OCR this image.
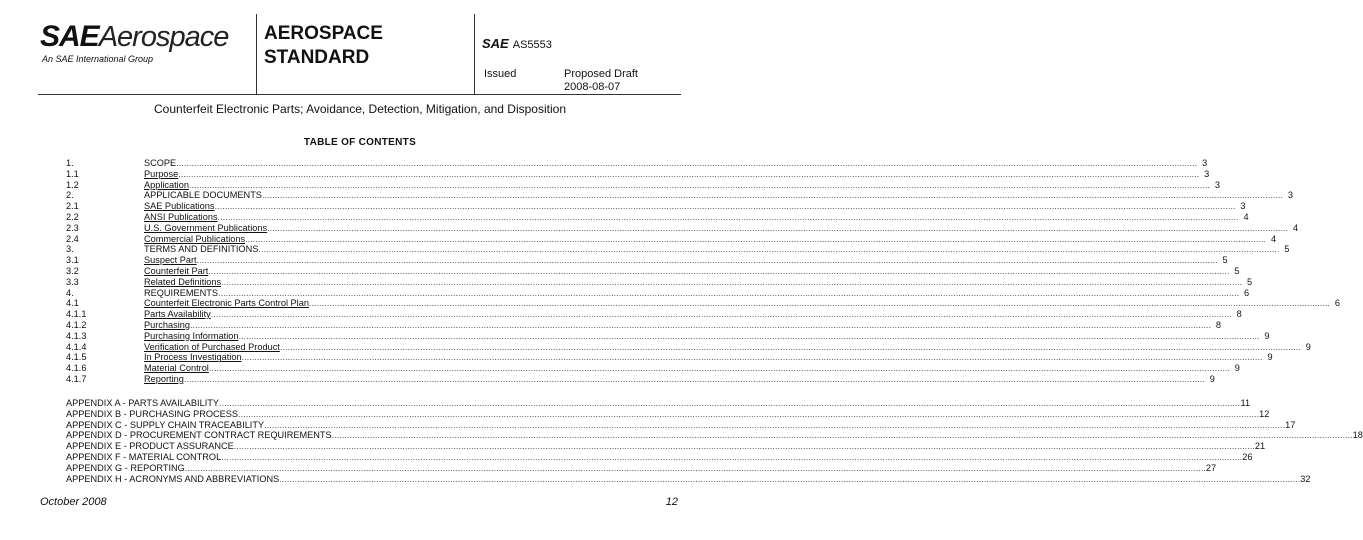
SAEAerospace
An SAE International Group
AEROSPACE
STANDARD
SAE AS5553
Issued	Proposed Draft
2008-08-07
Counterfeit Electronic Parts; Avoidance, Detection, Mitigation, and Disposition
TABLE OF CONTENTS
1.	SCOPE ................................................................................................................................................................................................................................................................................................................................................................................................................ 3
1.1	Purpose ................................................................................................................................................................................................................................................................................................................................................................................................................ 3
1.2	Application ................................................................................................................................................................................................................................................................................................................................................................................................................ 3
2.	APPLICABLE DOCUMENTS ................................................................................................................................................................................................................................................................................................................................................................................................................ 3
2.1	SAE Publications ................................................................................................................................................................................................................................................................................................................................................................................................................ 3
2.2	ANSI Publications ................................................................................................................................................................................................................................................................................................................................................................................................................ 4
2.3	U.S. Government Publications ................................................................................................................................................................................................................................................................................................................................................................................................................ 4
2.4	Commercial Publications ................................................................................................................................................................................................................................................................................................................................................................................................................ 4
3.	TERMS AND DEFINITIONS ................................................................................................................................................................................................................................................................................................................................................................................................................ 5
3.1	Suspect Part ................................................................................................................................................................................................................................................................................................................................................................................................................ 5
3.2	Counterfeit Part ................................................................................................................................................................................................................................................................................................................................................................................................................ 5
3.3	Related Definitions ................................................................................................................................................................................................................................................................................................................................................................................................................ 5
4.	REQUIREMENTS ................................................................................................................................................................................................................................................................................................................................................................................................................ 6
4.1	Counterfeit Electronic Parts Control Plan ................................................................................................................................................................................................................................................................................................................................................................................................................ 6
4.1.1	Parts Availability ................................................................................................................................................................................................................................................................................................................................................................................................................ 8
4.1.2	Purchasing ................................................................................................................................................................................................................................................................................................................................................................................................................ 8
4.1.3	Purchasing Information ................................................................................................................................................................................................................................................................................................................................................................................................................ 9
4.1.4	Verification of Purchased Product ................................................................................................................................................................................................................................................................................................................................................................................................................ 9
4.1.5	In Process Investigation ................................................................................................................................................................................................................................................................................................................................................................................................................ 9
4.1.6	Material Control ................................................................................................................................................................................................................................................................................................................................................................................................................ 9
4.1.7	Reporting ................................................................................................................................................................................................................................................................................................................................................................................................................ 9
APPENDIX A - PARTS AVAILABILITY ................................................................................................................................................................................................................................................................................................................................................................................................................ 11
APPENDIX B - PURCHASING PROCESS ................................................................................................................................................................................................................................................................................................................................................................................................................ 12
APPENDIX C - SUPPLY CHAIN TRACEABILITY ................................................................................................................................................................................................................................................................................................................................................................................................................ 17
APPENDIX D - PROCUREMENT CONTRACT REQUIREMENTS ................................................................................................................................................................................................................................................................................................................................................................................................................ 18
APPENDIX E - PRODUCT ASSURANCE ................................................................................................................................................................................................................................................................................................................................................................................................................ 21
APPENDIX F - MATERIAL CONTROL ................................................................................................................................................................................................................................................................................................................................................................................................................ 26
APPENDIX G - REPORTING ................................................................................................................................................................................................................................................................................................................................................................................................................ 27
APPENDIX H - ACRONYMS AND ABBREVIATIONS ................................................................................................................................................................................................................................................................................................................................................................................................................ 32
October 2008	12
